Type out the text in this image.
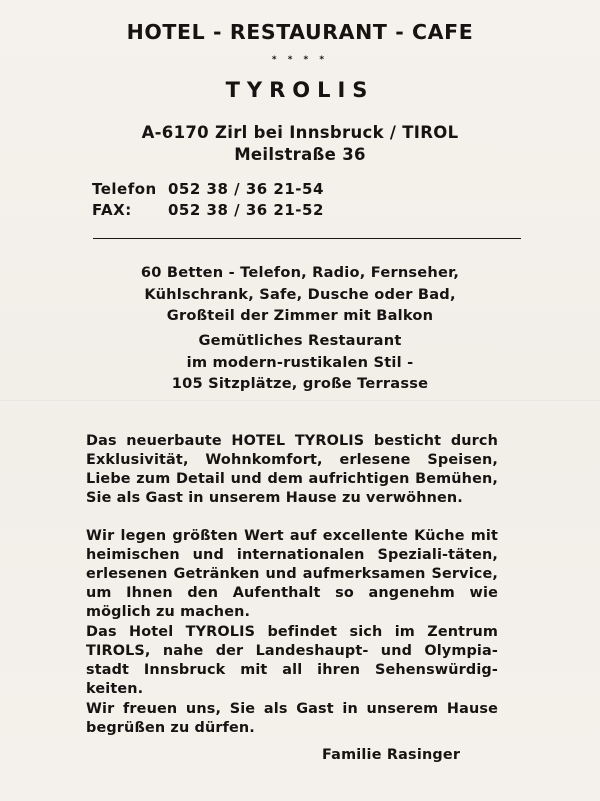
HOTEL - RESTAURANT - CAFE
* * * *
TYROLIS
A-6170 Zirl bei Innsbruck / TIROL
Meilstraße 36
Telefon 052 38 / 36 21-54
FAX: 052 38 / 36 21-52
60 Betten - Telefon, Radio, Fernseher,
Kühlschrank, Safe, Dusche oder Bad,
Großteil der Zimmer mit Balkon
Gemütliches Restaurant
im modern-rustikalen Stil -
105 Sitzplätze, große Terrasse
Das neuerbaute HOTEL TYROLIS besticht durch Exklusivität, Wohnkomfort, erlesene Speisen, Liebe zum Detail und dem aufrichtigen Bemühen, Sie als Gast in unserem Hause zu verwöhnen.
Wir legen größten Wert auf excellente Küche mit heimischen und internationalen Speziali-täten, erlesenen Getränken und aufmerksamen Service, um Ihnen den Aufenthalt so angenehm wie möglich zu machen.
Das Hotel TYROLIS befindet sich im Zentrum TIROLS, nahe der Landeshaupt- und Olympia-stadt Innsbruck mit all ihren Sehenswürdig-keiten.
Wir freuen uns, Sie als Gast in unserem Hause begrüßen zu dürfen.
Familie Rasinger
